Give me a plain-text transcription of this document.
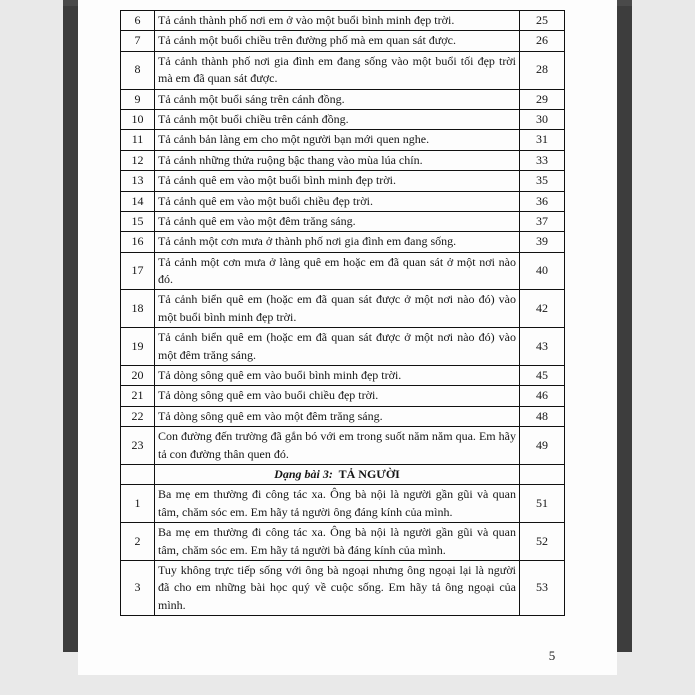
6	Tả cảnh thành phố nơi em ở vào một buổi bình minh đẹp trời.	25
7	Tả cảnh một buổi chiều trên đường phố mà em quan sát được.	26
8	Tả cảnh thành phố nơi gia đình em đang sống vào một buổi tối đẹp trời mà em đã quan sát được.	28
9	Tả cảnh một buổi sáng trên cánh đồng.	29
10	Tả cảnh một buổi chiều trên cánh đồng.	30
11	Tả cảnh bản làng em cho một người bạn mới quen nghe.	31
12	Tả cảnh những thửa ruộng bậc thang vào mùa lúa chín.	33
13	Tả cảnh quê em vào một buổi bình minh đẹp trời.	35
14	Tả cảnh quê em vào một buổi chiều đẹp trời.	36
15	Tả cảnh quê em vào một đêm trăng sáng.	37
16	Tả cảnh một cơn mưa ở thành phố nơi gia đình em đang sống.	39
17	Tả cảnh một cơn mưa ở làng quê em hoặc em đã quan sát ở một nơi nào đó.	40
18	Tả cảnh biển quê em (hoặc em đã quan sát được ở một nơi nào đó) vào một buổi bình minh đẹp trời.	42
19	Tả cảnh biển quê em (hoặc em đã quan sát được ở một nơi nào đó) vào một đêm trăng sáng.	43
20	Tả dòng sông quê em vào buổi bình minh đẹp trời.	45
21	Tả dòng sông quê em vào buổi chiều đẹp trời.	46
22	Tả dòng sông quê em vào một đêm trăng sáng.	48
23	Con đường đến trường đã gắn bó với em trong suốt năm năm qua. Em hãy tả con đường thân quen đó.	49
	Dạng bài 3: TẢ NGƯỜI	
1	Ba mẹ em thường đi công tác xa. Ông bà nội là người gần gũi và quan tâm, chăm sóc em. Em hãy tả người ông đáng kính của mình.	51
2	Ba mẹ em thường đi công tác xa. Ông bà nội là người gần gũi và quan tâm, chăm sóc em. Em hãy tả người bà đáng kính của mình.	52
3	Tuy không trực tiếp sống với ông bà ngoại nhưng ông ngoại lại là người đã cho em những bài học quý về cuộc sống. Em hãy tả ông ngoại của mình.	53
5
